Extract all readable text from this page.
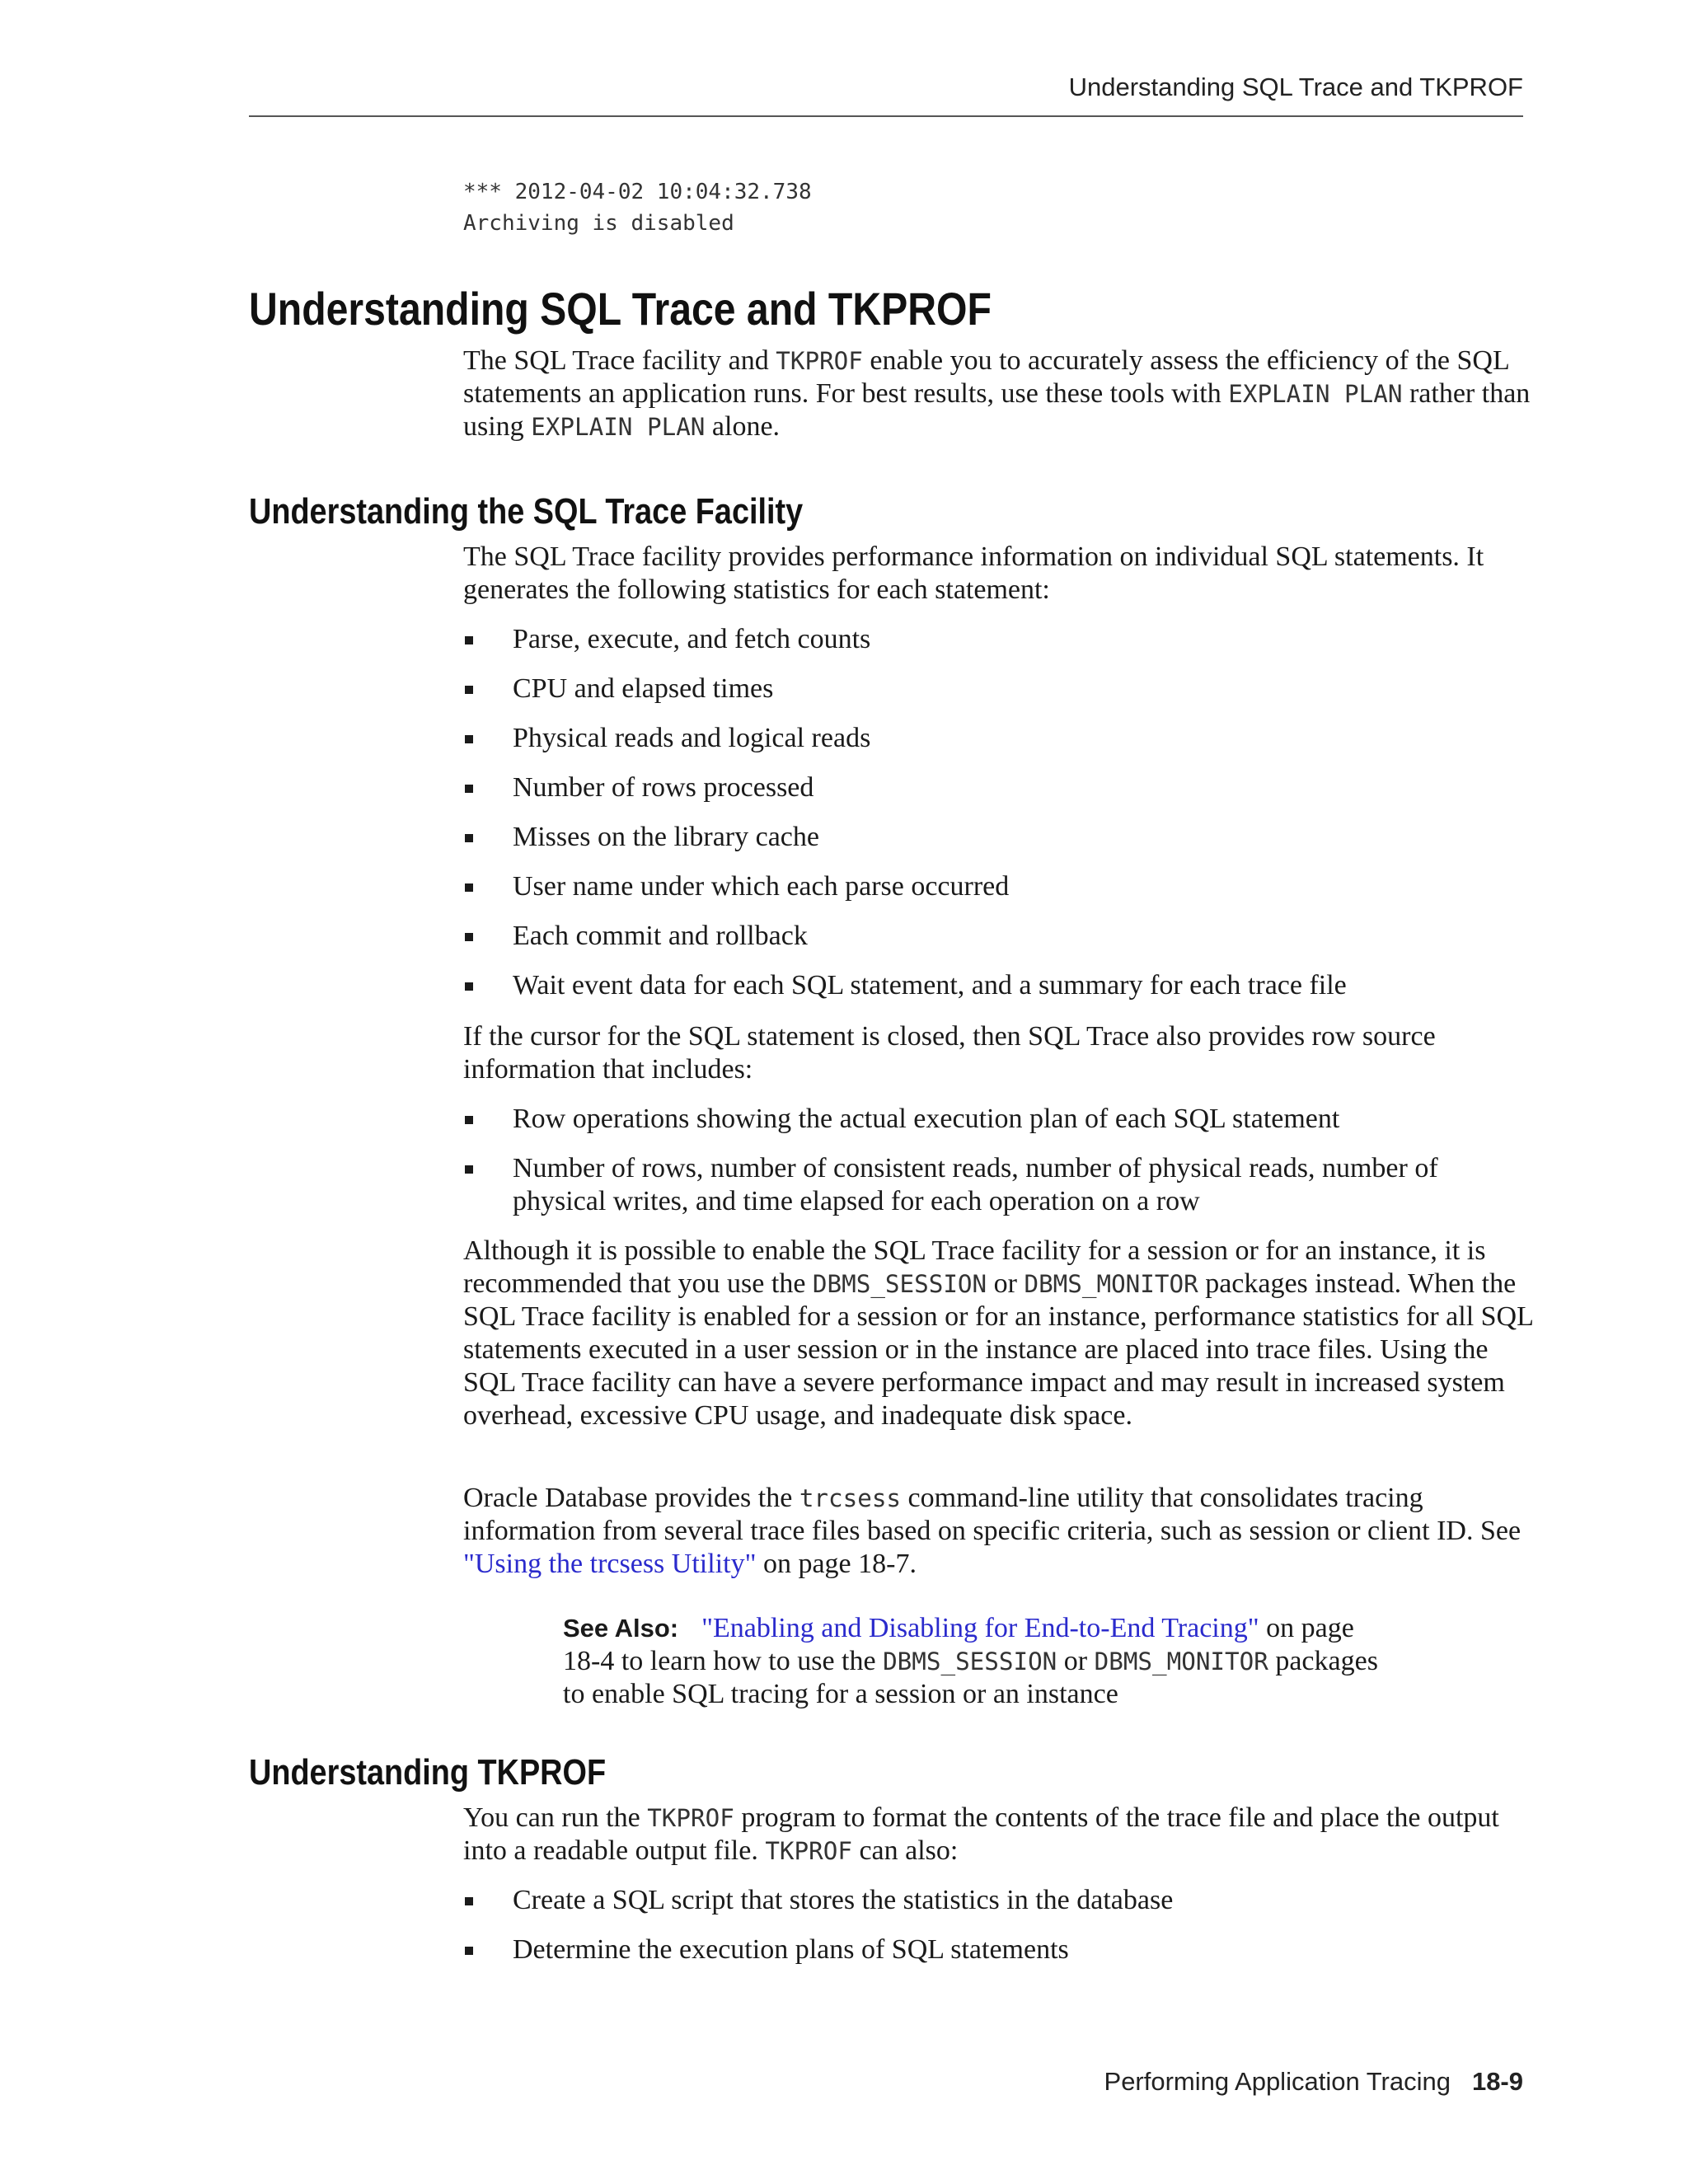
Understanding SQL Trace and TKPROF
*** 2012-04-02 10:04:32.738
Archiving is disabled
Understanding SQL Trace and TKPROF

The SQL Trace facility and TKPROF enable you to accurately assess the efficiency of the SQL statements an application runs. For best results, use these tools with EXPLAIN PLAN rather than using EXPLAIN PLAN alone.

Understanding the SQL Trace Facility

The SQL Trace facility provides performance information on individual SQL statements. It generates the following statistics for each statement:

Parse, execute, and fetch counts
CPU and elapsed times
Physical reads and logical reads
Number of rows processed
Misses on the library cache
User name under which each parse occurred
Each commit and rollback
Wait event data for each SQL statement, and a summary for each trace file

If the cursor for the SQL statement is closed, then SQL Trace also provides row source information that includes:

Row operations showing the actual execution plan of each SQL statement
Number of rows, number of consistent reads, number of physical reads, number of physical writes, and time elapsed for each operation on a row

Although it is possible to enable the SQL Trace facility for a session or for an instance, it is recommended that you use the DBMS_SESSION or DBMS_MONITOR packages instead. When the SQL Trace facility is enabled for a session or for an instance, performance statistics for all SQL statements executed in a user session or in the instance are placed into trace files. Using the SQL Trace facility can have a severe performance impact and may result in increased system overhead, excessive CPU usage, and inadequate disk space.

Oracle Database provides the trcsess command-line utility that consolidates tracing information from several trace files based on specific criteria, such as session or client ID. See "Using the trcsess Utility" on page 18-7.

See Also: "Enabling and Disabling for End-to-End Tracing" on page 18-4 to learn how to use the DBMS_SESSION or DBMS_MONITOR packages to enable SQL tracing for a session or an instance

Understanding TKPROF

You can run the TKPROF program to format the contents of the trace file and place the output into a readable output file. TKPROF can also:

Create a SQL script that stores the statistics in the database
Determine the execution plans of SQL statements
Performing Application Tracing 18-9
